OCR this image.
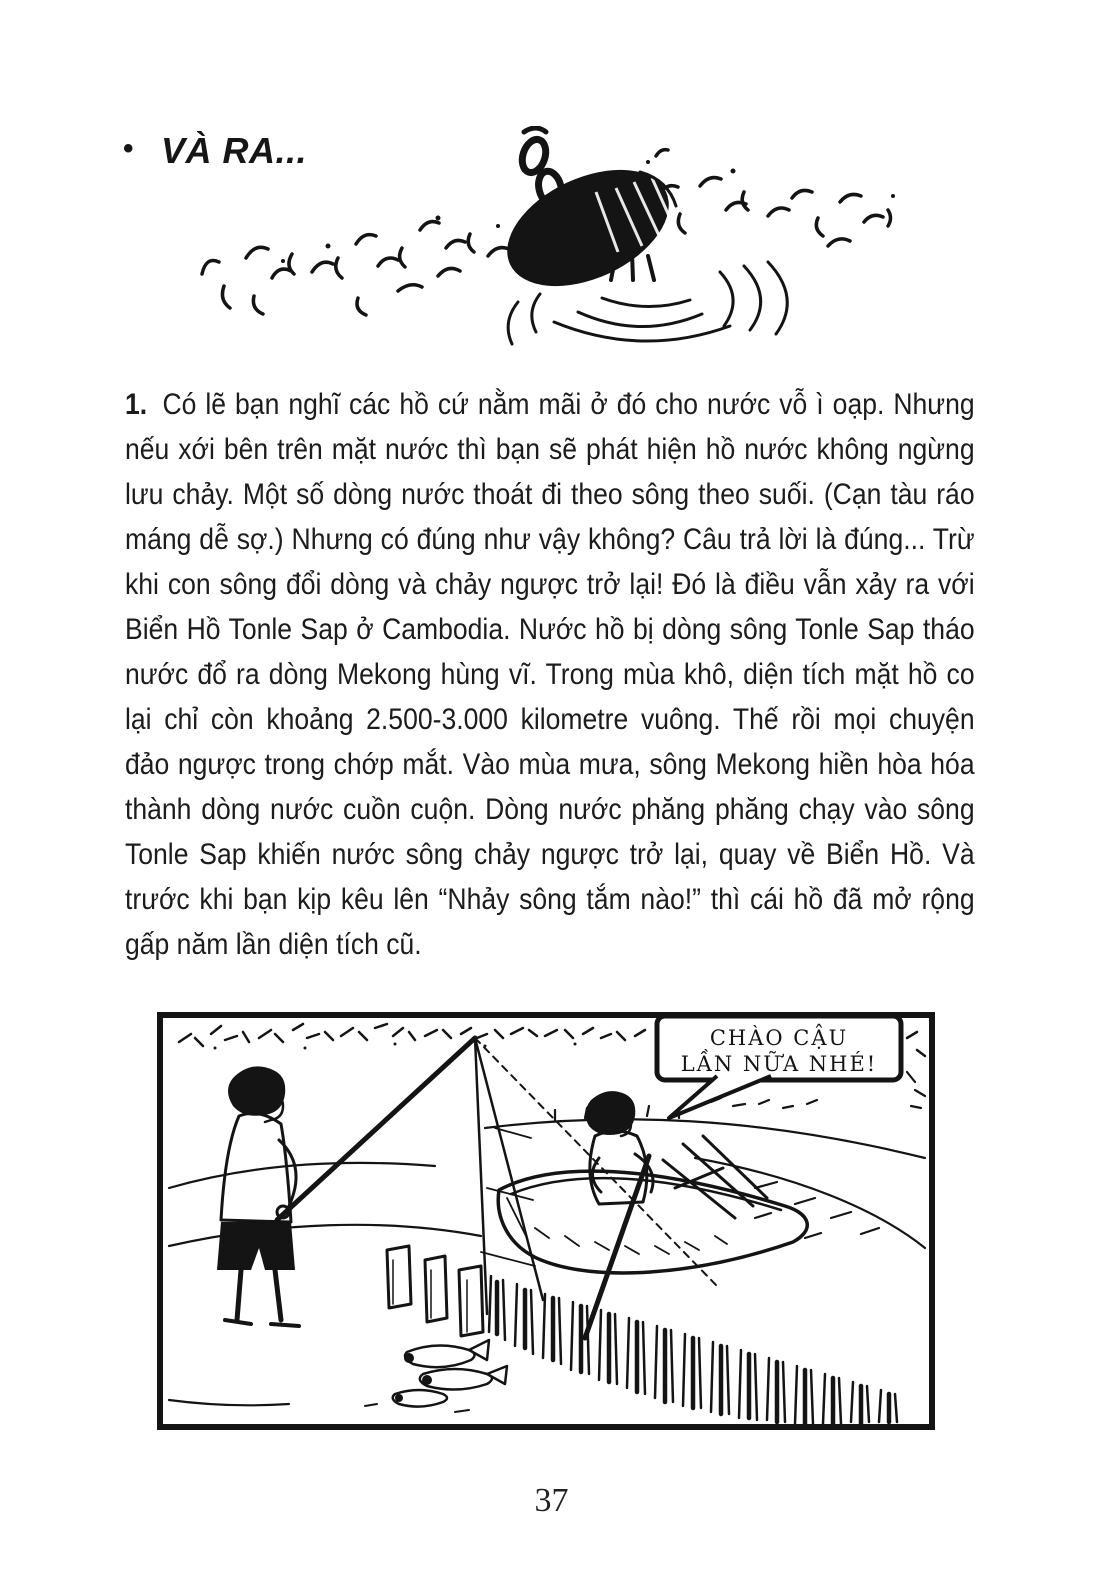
• VÀ RA...
1. Có lẽ bạn nghĩ các hồ cứ nằm mãi ở đó cho nước vỗ ì oạp. Nhưng
nếu xới bên trên mặt nước thì bạn sẽ phát hiện hồ nước không ngừng
lưu chảy. Một số dòng nước thoát đi theo sông theo suối. (Cạn tàu ráo
máng dễ sợ.) Nhưng có đúng như vậy không? Câu trả lời là đúng... Trừ
khi con sông đổi dòng và chảy ngược trở lại! Đó là điều vẫn xảy ra với
Biển Hồ Tonle Sap ở Cambodia. Nước hồ bị dòng sông Tonle Sap tháo
nước đổ ra dòng Mekong hùng vĩ. Trong mùa khô, diện tích mặt hồ co
lại chỉ còn khoảng 2.500-3.000 kilometre vuông. Thế rồi mọi chuyện
đảo ngược trong chớp mắt. Vào mùa mưa, sông Mekong hiền hòa hóa
thành dòng nước cuồn cuộn. Dòng nước phăng phăng chạy vào sông
Tonle Sap khiến nước sông chảy ngược trở lại, quay về Biển Hồ. Và
trước khi bạn kịp kêu lên “Nhảy sông tắm nào!” thì cái hồ đã mở rộng
gấp năm lần diện tích cũ.
CHÀO CẬU
LẦN NỮA NHÉ!
37
